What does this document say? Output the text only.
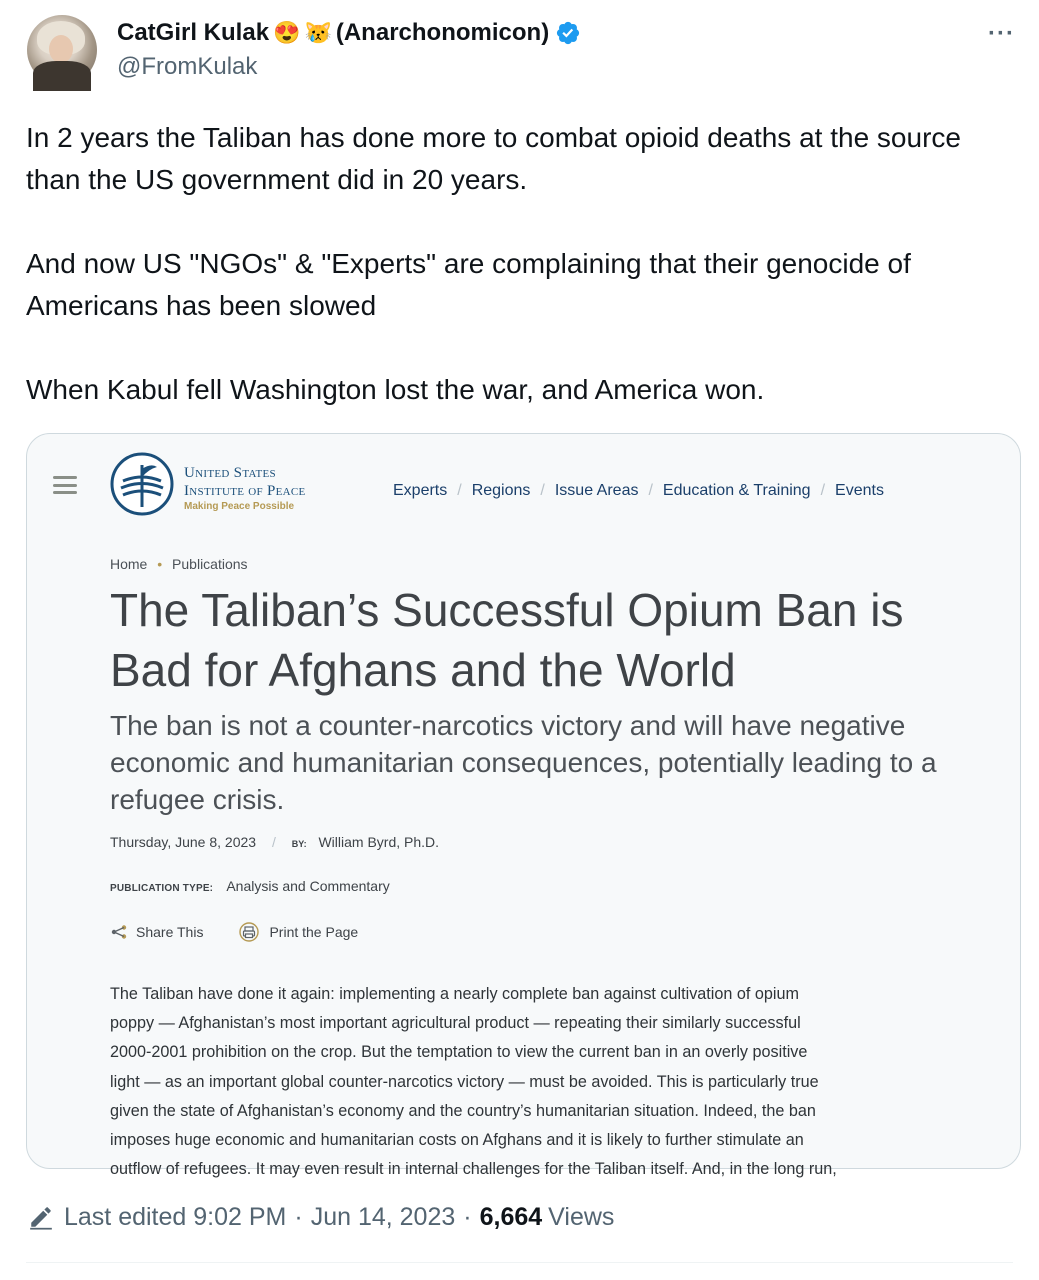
CatGirl Kulak 😍 😿 (Anarchonomicon)
@FromKulak
···

In 2 years the Taliban has done more to combat opioid deaths at the source than the US government did in 20 years.

And now US "NGOs" & "Experts" are complaining that their genocide of Americans has been slowed

When Kabul fell Washington lost the war, and America won.

United States
Institute of Peace
Making Peace Possible
Experts / Regions / Issue Areas / Education & Training / Events
Home • Publications
The Taliban’s Successful Opium Ban is Bad for Afghans and the World
The ban is not a counter-narcotics victory and will have negative economic and humanitarian consequences, potentially leading to a refugee crisis.
Thursday, June 8, 2023 / BY: William Byrd, Ph.D.
PUBLICATION TYPE: Analysis and Commentary
Share This	Print the Page
The Taliban have done it again: implementing a nearly complete ban against cultivation of opium
poppy — Afghanistan’s most important agricultural product — repeating their similarly successful
2000-2001 prohibition on the crop. But the temptation to view the current ban in an overly positive
light — as an important global counter-narcotics victory — must be avoided. This is particularly true
given the state of Afghanistan’s economy and the country’s humanitarian situation. Indeed, the ban
imposes huge economic and humanitarian costs on Afghans and it is likely to further stimulate an
outflow of refugees. It may even result in internal challenges for the Taliban itself. And, in the long run,
Last edited 9:02 PM · Jun 14, 2023 · 6,664 Views
